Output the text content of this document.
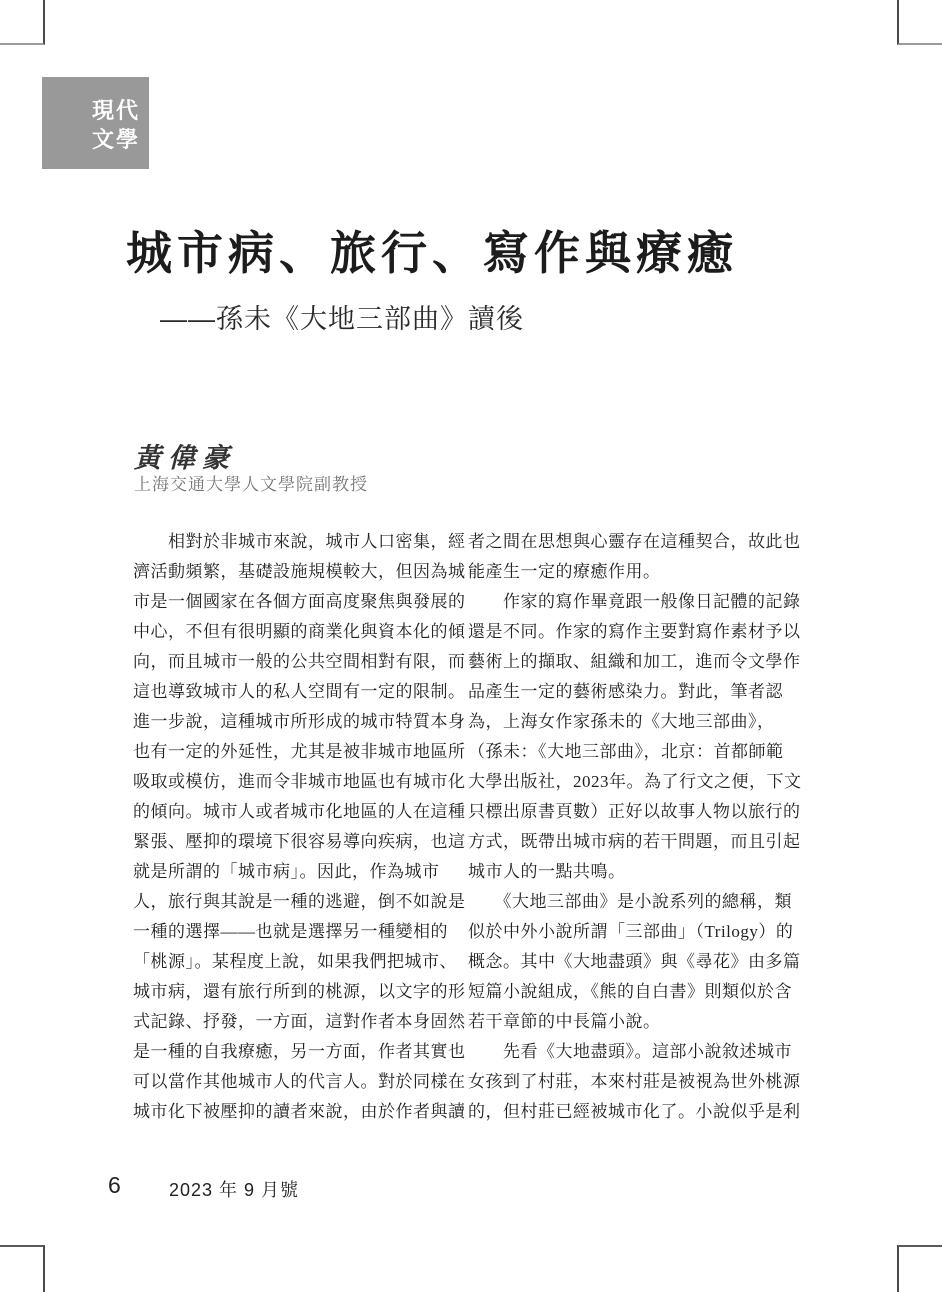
現代
文學
城市病、旅行、寫作與療癒
——孫未《大地三部曲》讀後
黃偉豪
上海交通大學人文學院副教授
　　相對於非城市來說，城市人口密集，經
濟活動頻繁，基礎設施規模較大，但因為城
市是一個國家在各個方面高度聚焦與發展的
中心，不但有很明顯的商業化與資本化的傾
向，而且城市一般的公共空間相對有限，而
這也導致城市人的私人空間有一定的限制。
進一步說，這種城市所形成的城市特質本身
也有一定的外延性，尤其是被非城市地區所
吸取或模仿，進而令非城市地區也有城市化
的傾向。城市人或者城市化地區的人在這種
緊張、壓抑的環境下很容易導向疾病，也這
就是所謂的「城市病」。因此，作為城市
人，旅行與其說是一種的逃避，倒不如說是
一種的選擇——也就是選擇另一種變相的
「桃源」。某程度上說，如果我們把城市、
城市病，還有旅行所到的桃源，以文字的形
式記錄、抒發，一方面，這對作者本身固然
是一種的自我療癒，另一方面，作者其實也
可以當作其他城市人的代言人。對於同樣在
城市化下被壓抑的讀者來說，由於作者與讀
者之間在思想與心靈存在這種契合，故此也
能產生一定的療癒作用。
　　作家的寫作畢竟跟一般像日記體的記錄
還是不同。作家的寫作主要對寫作素材予以
藝術上的擷取、組織和加工，進而令文學作
品產生一定的藝術感染力。對此，筆者認
為，上海女作家孫未的《大地三部曲》，
（孫未：《大地三部曲》，北京：首都師範
大學出版社，2023年。為了行文之便，下文
只標出原書頁數）正好以故事人物以旅行的
方式，既帶出城市病的若干問題，而且引起
城市人的一點共鳴。
　　《大地三部曲》是小說系列的總稱，類
似於中外小說所謂「三部曲」（Trilogy）的
概念。其中《大地盡頭》與《尋花》由多篇
短篇小說組成，《熊的自白書》則類似於含
若干章節的中長篇小說。
　　先看《大地盡頭》。這部小說敘述城市
女孩到了村莊，本來村莊是被視為世外桃源
的，但村莊已經被城市化了。小說似乎是利
6	2023 年 9 月號
